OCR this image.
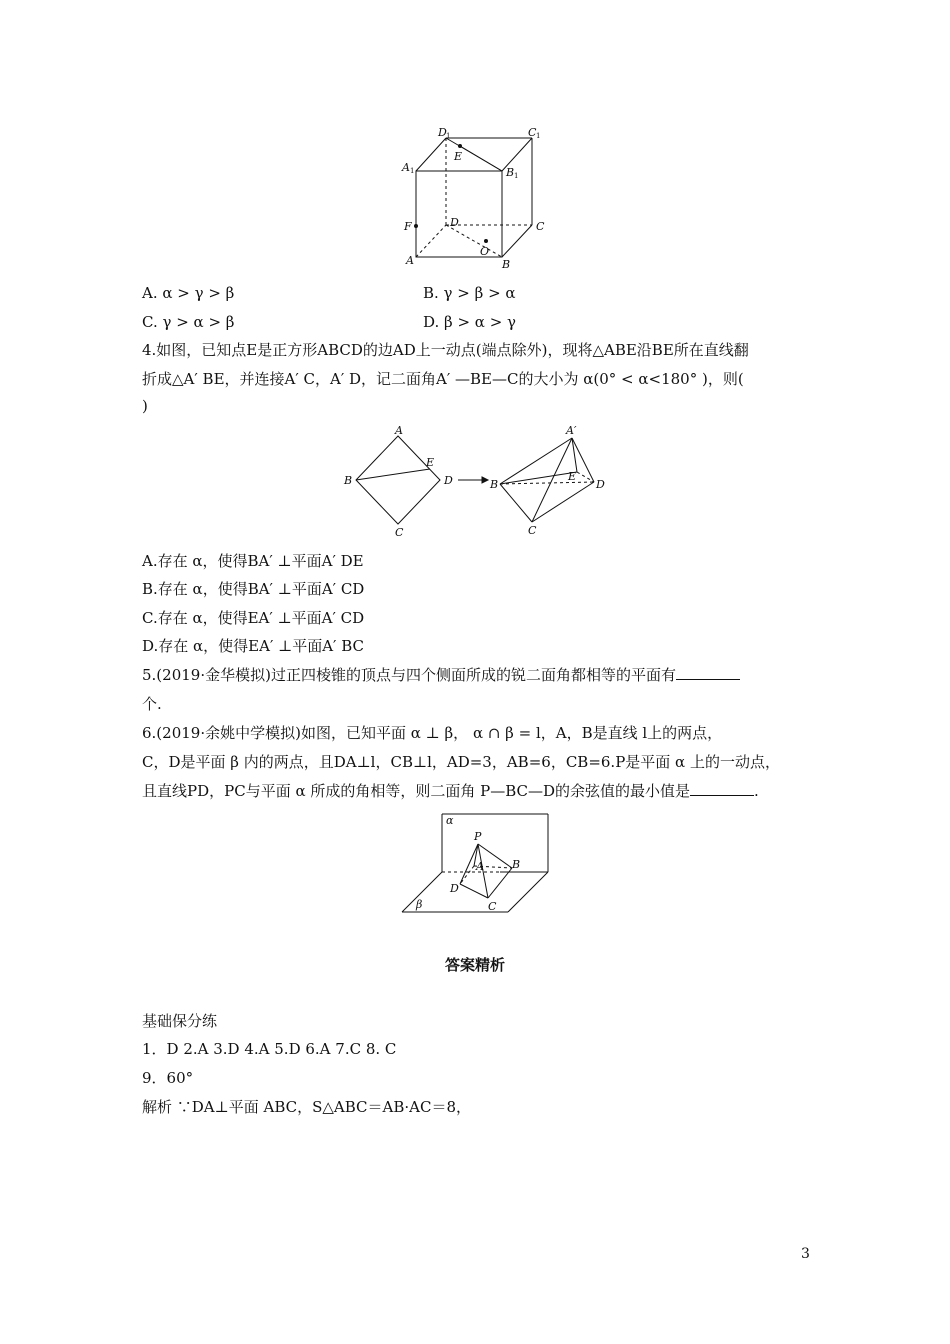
D 1	C 1
A 1	B 1
E
F	D	C
O
A	B
A. α > γ > β	B. γ > β > α
C. γ > α > β	D. β > α > γ
4.如图，已知点E是正方形ABCD的边AD上一动点(端点除外)，现将△ABE沿BE所在直线翻
折成△A′ BE，并连接A′ C，A′ D，记二面角A′ —BE—C的大小为 α(0° < α<180° )，则(
)
A
B
C
D
E
A′
B
C
D
E
A.存在 α，使得BA′ ⊥平面A′ DE
B.存在 α，使得BA′ ⊥平面A′ CD
C.存在 α，使得EA′ ⊥平面A′ CD
D.存在 α，使得EA′ ⊥平面A′ BC
5.(2019·金华模拟)过正四棱锥的顶点与四个侧面所成的锐二面角都相等的平面有
个.
6.(2019·余姚中学模拟)如图，已知平面 α ⊥ β， α ∩ β = l，A，B是直线 l上的两点，
C，D是平面 β 内的两点，且DA⊥l，CB⊥l，AD=3，AB=6，CB=6.P是平面 α 上的一动点，
且直线PD，PC与平面 α 所成的角相等，则二面角 P—BC—D的余弦值的最小值是	.
α
β
P
A	B
D
C
答案精析
基础保分练
1．D 2.A 3.D 4.A 5.D 6.A 7.C 8. C
9．60°
解析 ∵DA⊥平面 ABC，S△ABC＝AB·AC＝8，
3
